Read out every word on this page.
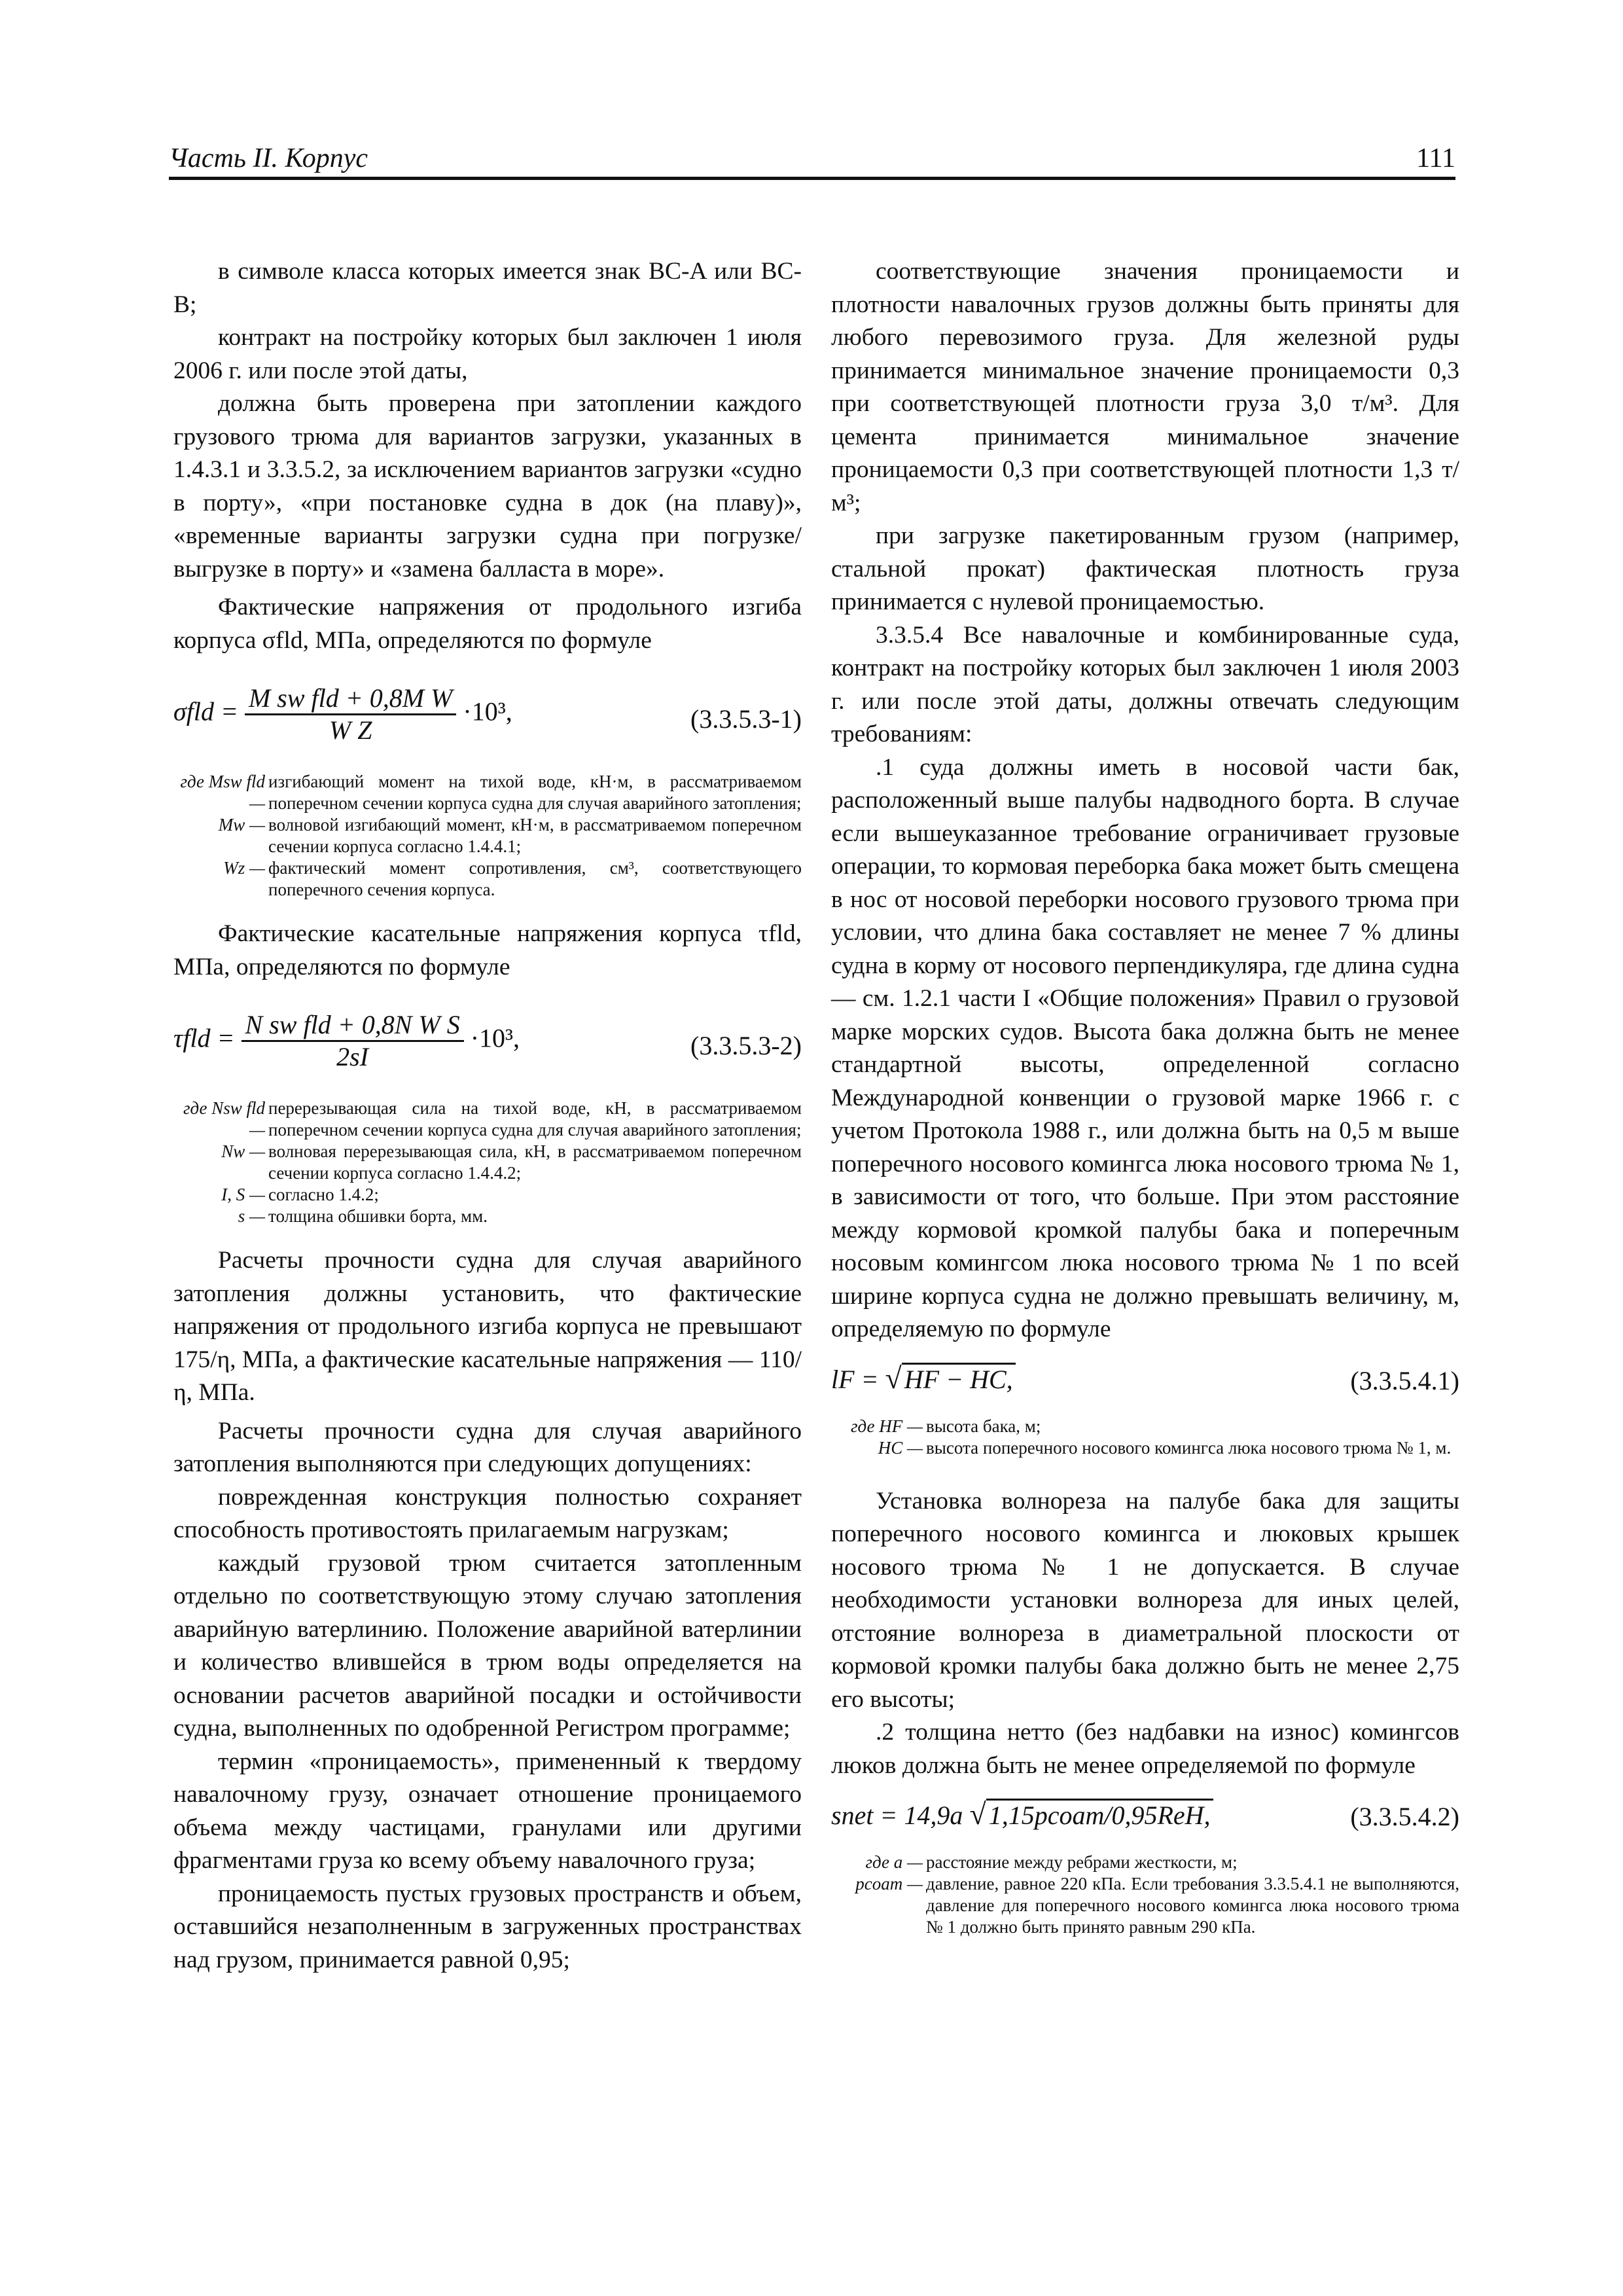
Часть II. Корпус	111

в символе класса которых имеется знак BC-A или BC-B;

контракт на постройку которых был заключен 1 июля 2006 г. или после этой даты,

должна быть проверена при затоплении каждого грузового трюма для вариантов загрузки, указанных в 1.4.3.1 и 3.3.5.2, за исключением вариантов загрузки «судно в порту», «при постановке судна в док (на плаву)», «временные варианты загрузки судна при погрузке/выгрузке в порту» и «замена балласта в море».

Фактические напряжения от продольного изгиба корпуса σfld, МПа, определяются по формуле

$\sigma fld = \frac{\text{M sw fld + 0,8M W}}{\text{W Z}} \cdot 10^3$,	(3.3.5.3-1)
где Msw fld —
изгибающий момент на тихой воде, кН·м, в рассматриваемом поперечном сечении корпуса судна для случая аварийного затопления;
Mw — волновой изгибающий момент, кН·м, в рассматриваемом поперечном сечении корпуса согласно 1.4.4.1;
Wz — фактический момент сопротивления, см³, соответствующего поперечного сечения корпуса.

Фактические касательные напряжения корпуса τfld, МПа, определяются по формуле

$\tau fld = \frac{\text{N sw fld + 0,8N W S}}{2sI} \cdot 10^3$,	(3.3.5.3-2)
где Nsw fld —
перерезывающая сила на тихой воде, кН, в рассматриваемом поперечном сечении корпуса судна для случая аварийного затопления;
Nw — волновая перерезывающая сила, кН, в рассматриваемом поперечном сечении корпуса согласно 1.4.4.2;
I, S — согласно 1.4.2;
s — толщина обшивки борта, мм.

Расчеты прочности судна для случая аварийного затопления должны установить, что фактические напряжения от продольного изгиба корпуса не превышают 175/η, МПа, а фактические касательные напряжения — 110/η, МПа.

Расчеты прочности судна для случая аварийного затопления выполняются при следующих допущениях:

поврежденная конструкция полностью сохраняет способность противостоять прилагаемым нагрузкам;

каждый грузовой трюм считается затопленным отдельно по соответствующую этому случаю затопления аварийную ватерлинию. Положение аварийной ватерлинии и количество влившейся в трюм воды определяется на основании расчетов аварийной посадки и остойчивости судна, выполненных по одобренной Регистром программе;

термин «проницаемость», примененный к твердому навалочному грузу, означает отношение проницаемого объема между частицами, гранулами или другими фрагментами груза ко всему объему навалочного груза;

проницаемость пустых грузовых пространств и объем, оставшийся незаполненным в загруженных пространствах над грузом, принимается равной 0,95;

соответствующие значения проницаемости и плотности навалочных грузов должны быть приняты для любого перевозимого груза. Для железной руды принимается минимальное значение проницаемости 0,3 при соответствующей плотности груза 3,0 т/м³. Для цемента принимается минимальное значение проницаемости 0,3 при соответствующей плотности 1,3 т/м³;

при загрузке пакетированным грузом (например, стальной прокат) фактическая плотность груза принимается с нулевой проницаемостью.

3.3.5.4 Все навалочные и комбинированные суда, контракт на постройку которых был заключен 1 июля 2003 г. или после этой даты, должны отвечать следующим требованиям:

.1 суда должны иметь в носовой части бак, расположенный выше палубы надводного борта. В случае если вышеуказанное требование ограничивает грузовые операции, то кормовая переборка бака может быть смещена в нос от носовой переборки носового грузового трюма при условии, что длина бака составляет не менее 7 % длины судна в корму от носового перпендикуляра, где длина судна — см. 1.2.1 части I «Общие положения» Правил о грузовой марке морских судов. Высота бака должна быть не менее стандартной высоты, определенной согласно Международной конвенции о грузовой марке 1966 г. с учетом Протокола 1988 г., или должна быть на 0,5 м выше поперечного носового комингса люка носового трюма № 1, в зависимости от того, что больше. При этом расстояние между кормовой кромкой палубы бака и поперечным носовым комингсом люка носового трюма № 1 по всей ширине корпуса судна не должно превышать величину, м, определяемую по формуле

lF = √ HF − HC,	(3.3.5.4.1)
где HF — высота бака, м;
HC — высота поперечного носового комингса люка носового трюма № 1, м.

Установка волнореза на палубе бака для защиты поперечного носового комингса и люковых крышек носового трюма № 1 не допускается. В случае необходимости установки волнореза для иных целей, отстояние волнореза в диаметральной плоскости от кормовой кромки палубы бака должно быть не менее 2,75 его высоты;

.2 толщина нетто (без надбавки на износ) комингсов люков должна быть не менее определяемой по формуле

snet = 14,9a √ 1,15pcoam/0,95ReH,	(3.3.5.4.2)
где a — расстояние между ребрами жесткости, м;
pcoam — давление, равное 220 кПа. Если требования 3.3.5.4.1 не выполняются, давление для поперечного носового комингса люка носового трюма № 1 должно быть принято равным 290 кПа.
